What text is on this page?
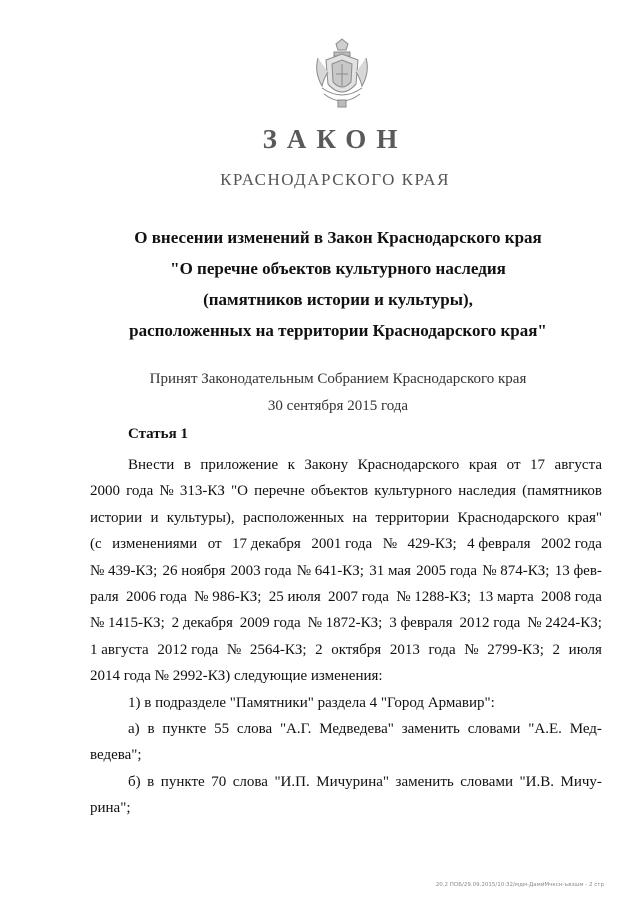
ЗАКОН
КРАСНОДАРСКОГО КРАЯ
О внесении изменений в Закон Краснодарского края
"О перечне объектов культурного наследия
(памятников истории и культуры),
расположенных на территории Краснодарского края"
Принят Законодательным Собранием Краснодарского края
30 сентября 2015 года
Статья 1
Внести в приложение к Закону Краснодарского края от 17 августа
2000 года № 313-КЗ "О перечне объектов культурного наследия (памятников
истории и культуры), расположенных на территории Краснодарского края"
(с изменениями от 17 декабря 2001 года № 429-КЗ; 4 февраля 2002 года
№ 439-КЗ; 26 ноября 2003 года № 641-КЗ; 31 мая 2005 года № 874-КЗ; 13 фев-
раля 2006 года № 986-КЗ; 25 июля 2007 года № 1288-КЗ; 13 марта 2008 года
№ 1415-КЗ; 2 декабря 2009 года № 1872-КЗ; 3 февраля 2012 года № 2424-КЗ;
1 августа 2012 года № 2564-КЗ; 2 октября 2013 года № 2799-КЗ; 2 июля
2014 года № 2992-КЗ) следующие изменения:
1) в подразделе "Памятники" раздела 4 "Город Армавир":
а) в пункте 55 слова "А.Г. Медведева" заменить словами "А.Е. Мед-
ведева";
б) в пункте 70 слова "И.П. Мичурина" заменить словами "И.В. Мичу-
рина";
20.2 ПОБ/29.09.2015/10:32/мдм-ДамйМчксн-ъвзшм - 2 стр
